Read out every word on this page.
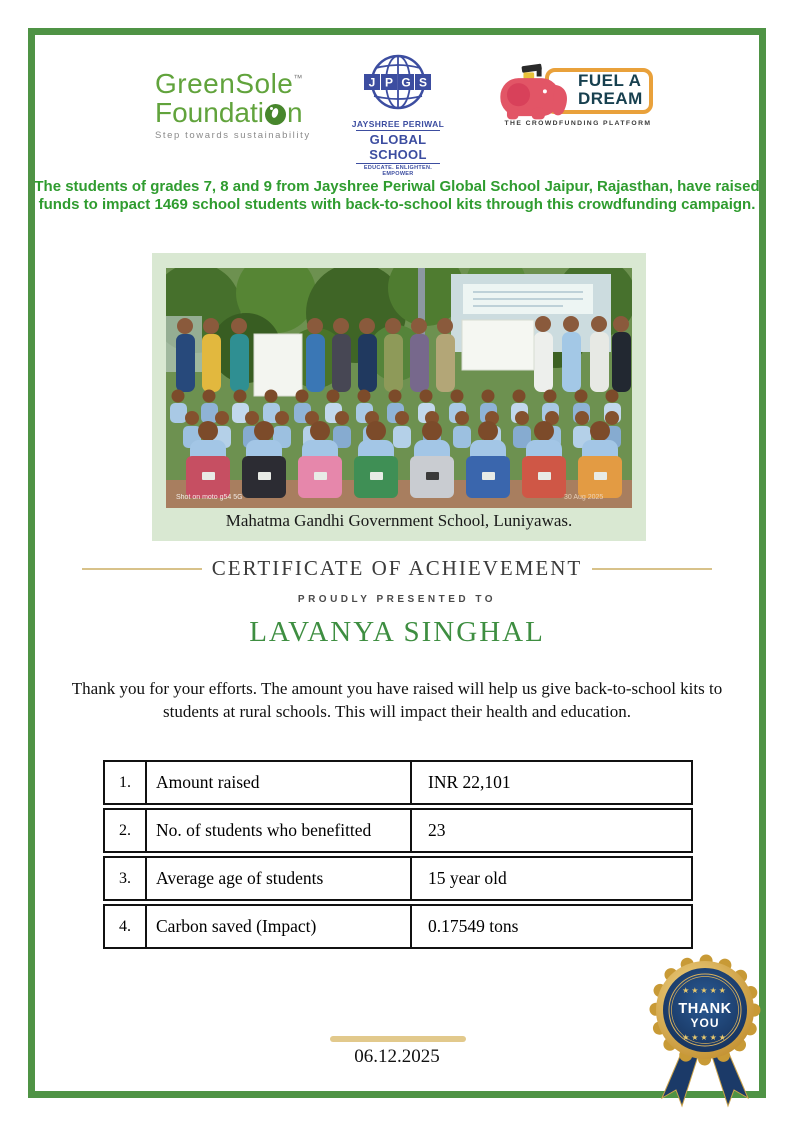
GreenSole™
Foundati n
Step towards sustainability
J P G S
JAYSHREE PERIWAL
GLOBAL SCHOOL
EDUCATE. ENLIGHTEN. EMPOWER
FUEL A
DREAM
THE CROWDFUNDING PLATFORM
The students of grades 7, 8 and 9 from Jayshree Periwal Global School Jaipur, Rajasthan, have raised
funds to impact 1469 school students with back-to-school kits through this crowdfunding campaign.
Shot on moto g54 5G	30 Aug 2025
Mahatma Gandhi Government School, Luniyawas.
CERTIFICATE OF ACHIEVEMENT
PROUDLY PRESENTED TO
LAVANYA SINGHAL
Thank you for your efforts. The amount you have raised will help us give back-to-school kits to
students at rural schools. This will impact their health and education.
1.	Amount raised	INR 22,101
2.	No. of students who benefitted	23
3.	Average age of students	15 year old
4.	Carbon saved (Impact)	0.17549 tons
06.12.2025
★★★★★
THANK
YOU
★★★★★
